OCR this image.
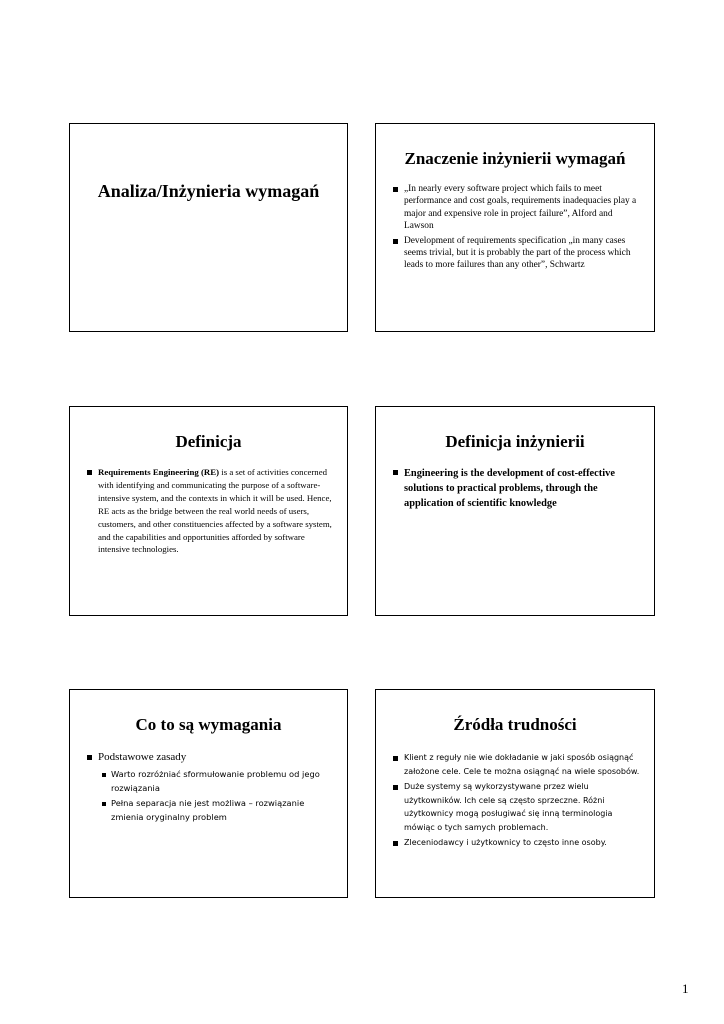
Analiza/Inżynieria wymagań
Znaczenie inżynierii wymagań
„In nearly every software project which fails to meet performance and cost goals, requirements inadequacies play a major and expensive role in project failure”, Alford and Lawson
Development of requirements specification „in many cases seems trivial, but it is probably the part of the process which leads to more failures than any other”, Schwartz
Definicja
Requirements Engineering (RE) is a set of activities concerned with identifying and communicating the purpose of a software-intensive system, and the contexts in which it will be used. Hence, RE acts as the bridge between the real world needs of users, customers, and other constituencies affected by a software system, and the capabilities and opportunities afforded by software intensive technologies.
Definicja inżynierii
Engineering is the development of cost-effective solutions to practical problems, through the application of scientific knowledge
Co to są wymagania
Podstawowe zasady
Warto rozróżniać sformułowanie problemu od jego rozwiązania
Pełna separacja nie jest możliwa – rozwiązanie zmienia oryginalny problem
Źródła trudności
Klient z reguły nie wie dokładanie w jaki sposób osiągnąć założone cele. Cele te można osiągnąć na wiele sposobów.
Duże systemy są wykorzystywane przez wielu użytkowników. Ich cele są często sprzeczne. Różni użytkownicy mogą posługiwać się inną terminologia mówiąc o tych samych problemach.
Zleceniodawcy i użytkownicy to często inne osoby.
1
